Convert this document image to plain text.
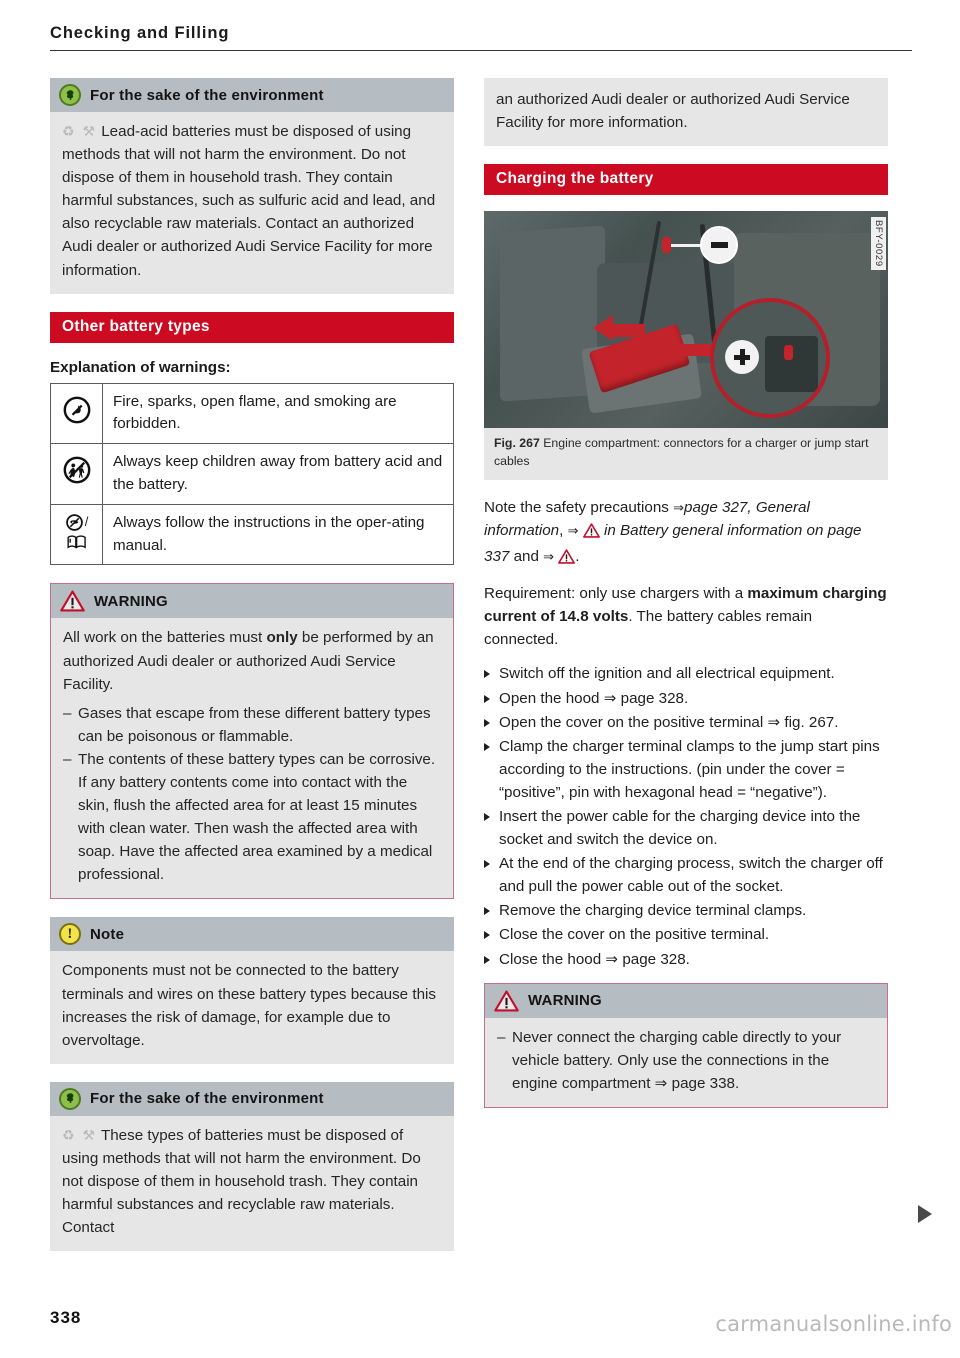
Checking and Filling
For the sake of the environment
♻ ⚒ Lead-acid batteries must be disposed of using methods that will not harm the environment. Do not dispose of them in household trash. They contain harmful substances, such as sulfuric acid and lead, and also recyclable raw materials. Contact an authorized Audi dealer or authorized Audi Service Facility for more information.
Other battery types
Explanation of warnings:
	Fire, sparks, open flame, and smoking are forbidden.
	Always keep children away from battery acid and the battery.

/	Always follow the instructions in the oper-ating manual.
WARNING

All work on the batteries must only be performed by an authorized Audi dealer or authorized Audi Service Facility.

– Gases that escape from these different battery types can be poisonous or flammable.
– The contents of these battery types can be corrosive. If any battery contents come into contact with the skin, flush the affected area for at least 15 minutes with clean water. Then wash the affected area with soap. Have the affected area examined by a medical professional.
!	Note
Components must not be connected to the battery terminals and wires on these battery types because this increases the risk of damage, for example due to overvoltage.
For the sake of the environment
♻ ⚒ These types of batteries must be disposed of using methods that will not harm the environment. Do not dispose of them in household trash. They contain harmful substances and recyclable raw materials. Contact
an authorized Audi dealer or authorized Audi Service Facility for more information.
Charging the battery
BFY-0029
Fig. 267 Engine compartment: connectors for a charger or jump start cables

Note the safety precautions ⇒page 327, General information, ⇒  in Battery general information on page 337 and ⇒ .

Requirement: only use chargers with a maximum charging current of 14.8 volts. The battery cables remain connected.

Switch off the ignition and all electrical equipment.
Open the hood ⇒ page 328.
Open the cover on the positive terminal ⇒ fig. 267.
Clamp the charger terminal clamps to the jump start pins according to the instructions. (pin under the cover = “positive”, pin with hexagonal head = “negative”).
Insert the power cable for the charging device into the socket and switch the device on.
At the end of the charging process, switch the charger off and pull the power cable out of the socket.
Remove the charging device terminal clamps.
Close the cover on the positive terminal.
Close the hood ⇒ page 328.
WARNING
– Never connect the charging cable directly to your vehicle battery. Only use the connections in the engine compartment ⇒ page 338.
338	carmanualsonline.info
